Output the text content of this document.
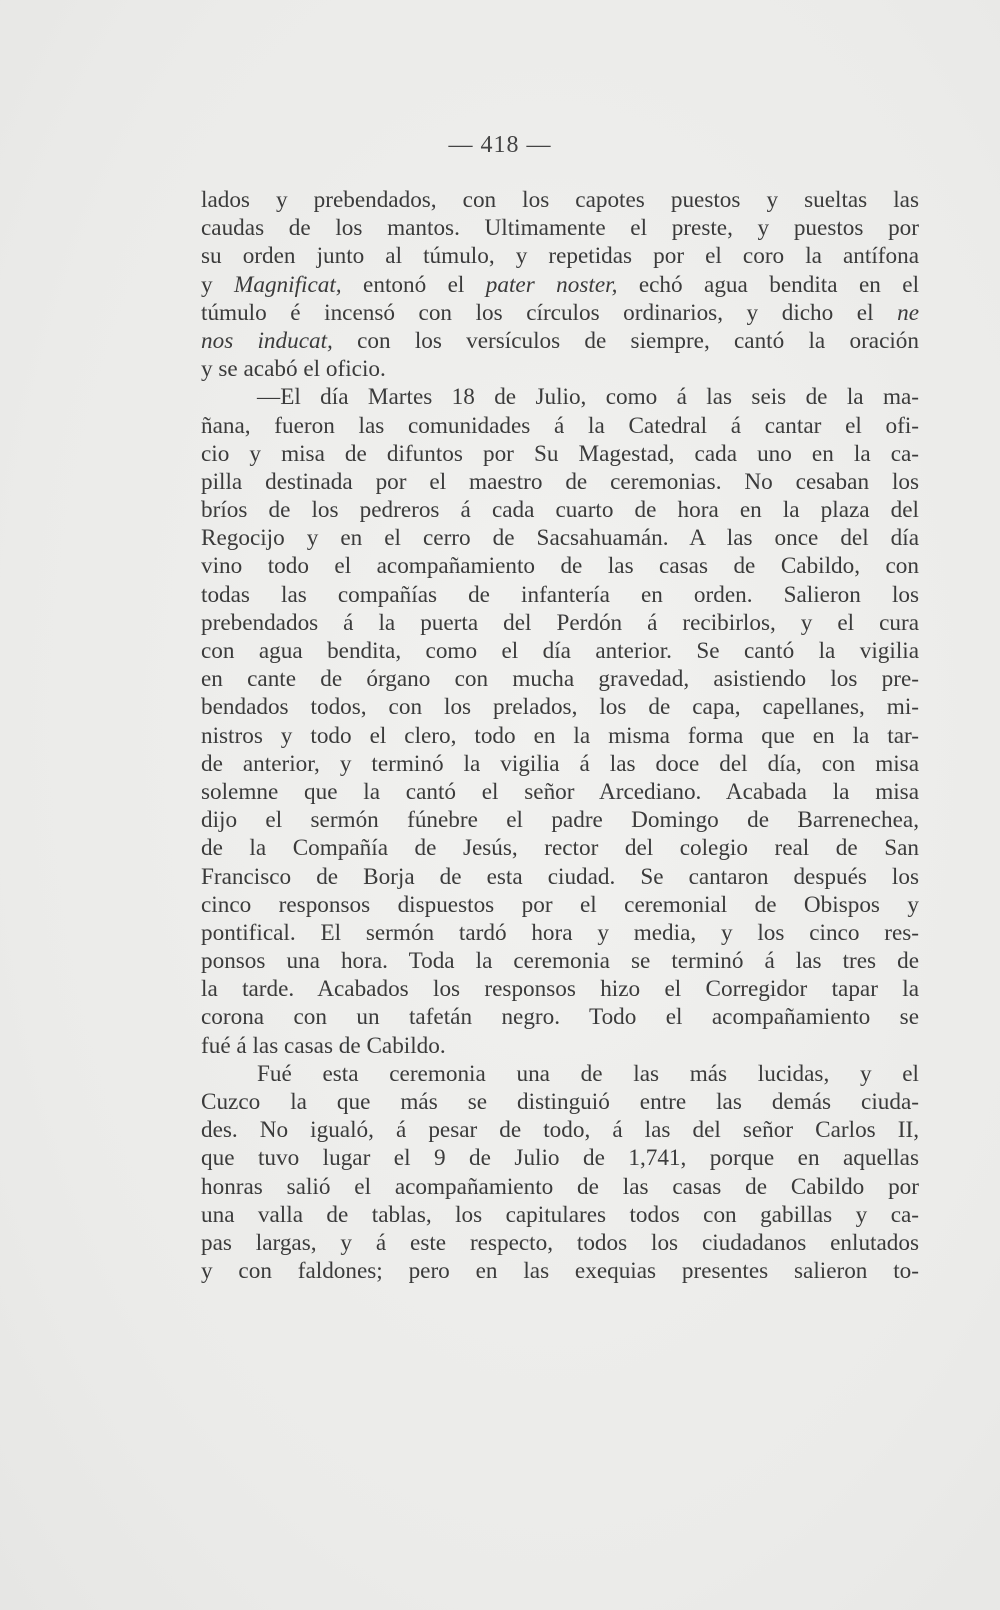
— 418 —
lados y prebendados, con los capotes puestos y sueltas las
caudas de los mantos. Ultimamente el preste, y puestos por
su orden junto al túmulo, y repetidas por el coro la antífona
y Magnificat, entonó el pater noster, echó agua bendita en el
túmulo é incensó con los círculos ordinarios, y dicho el ne
nos inducat, con los versículos de siempre, cantó la oración
y se acabó el oficio.
—El día Martes 18 de Julio, como á las seis de la ma-
ñana, fueron las comunidades á la Catedral á cantar el ofi-
cio y misa de difuntos por Su Magestad, cada uno en la ca-
pilla destinada por el maestro de ceremonias. No cesaban los
bríos de los pedreros á cada cuarto de hora en la plaza del
Regocijo y en el cerro de Sacsahuamán. A las once del día
vino todo el acompañamiento de las casas de Cabildo, con
todas las compañías de infantería en orden. Salieron los
prebendados á la puerta del Perdón á recibirlos, y el cura
con agua bendita, como el día anterior. Se cantó la vigilia
en cante de órgano con mucha gravedad, asistiendo los pre-
bendados todos, con los prelados, los de capa, capellanes, mi-
nistros y todo el clero, todo en la misma forma que en la tar-
de anterior, y terminó la vigilia á las doce del día, con misa
solemne que la cantó el señor Arcediano. Acabada la misa
dijo el sermón fúnebre el padre Domingo de Barrenechea,
de la Compañía de Jesús, rector del colegio real de San
Francisco de Borja de esta ciudad. Se cantaron después los
cinco responsos dispuestos por el ceremonial de Obispos y
pontifical. El sermón tardó hora y media, y los cinco res-
ponsos una hora. Toda la ceremonia se terminó á las tres de
la tarde. Acabados los responsos hizo el Corregidor tapar la
corona con un tafetán negro. Todo el acompañamiento se
fué á las casas de Cabildo.
Fué esta ceremonia una de las más lucidas, y el
Cuzco la que más se distinguió entre las demás ciuda-
des. No igualó, á pesar de todo, á las del señor Carlos II,
que tuvo lugar el 9 de Julio de 1,741, porque en aquellas
honras salió el acompañamiento de las casas de Cabildo por
una valla de tablas, los capitulares todos con gabillas y ca-
pas largas, y á este respecto, todos los ciudadanos enlutados
y con faldones; pero en las exequias presentes salieron to-
